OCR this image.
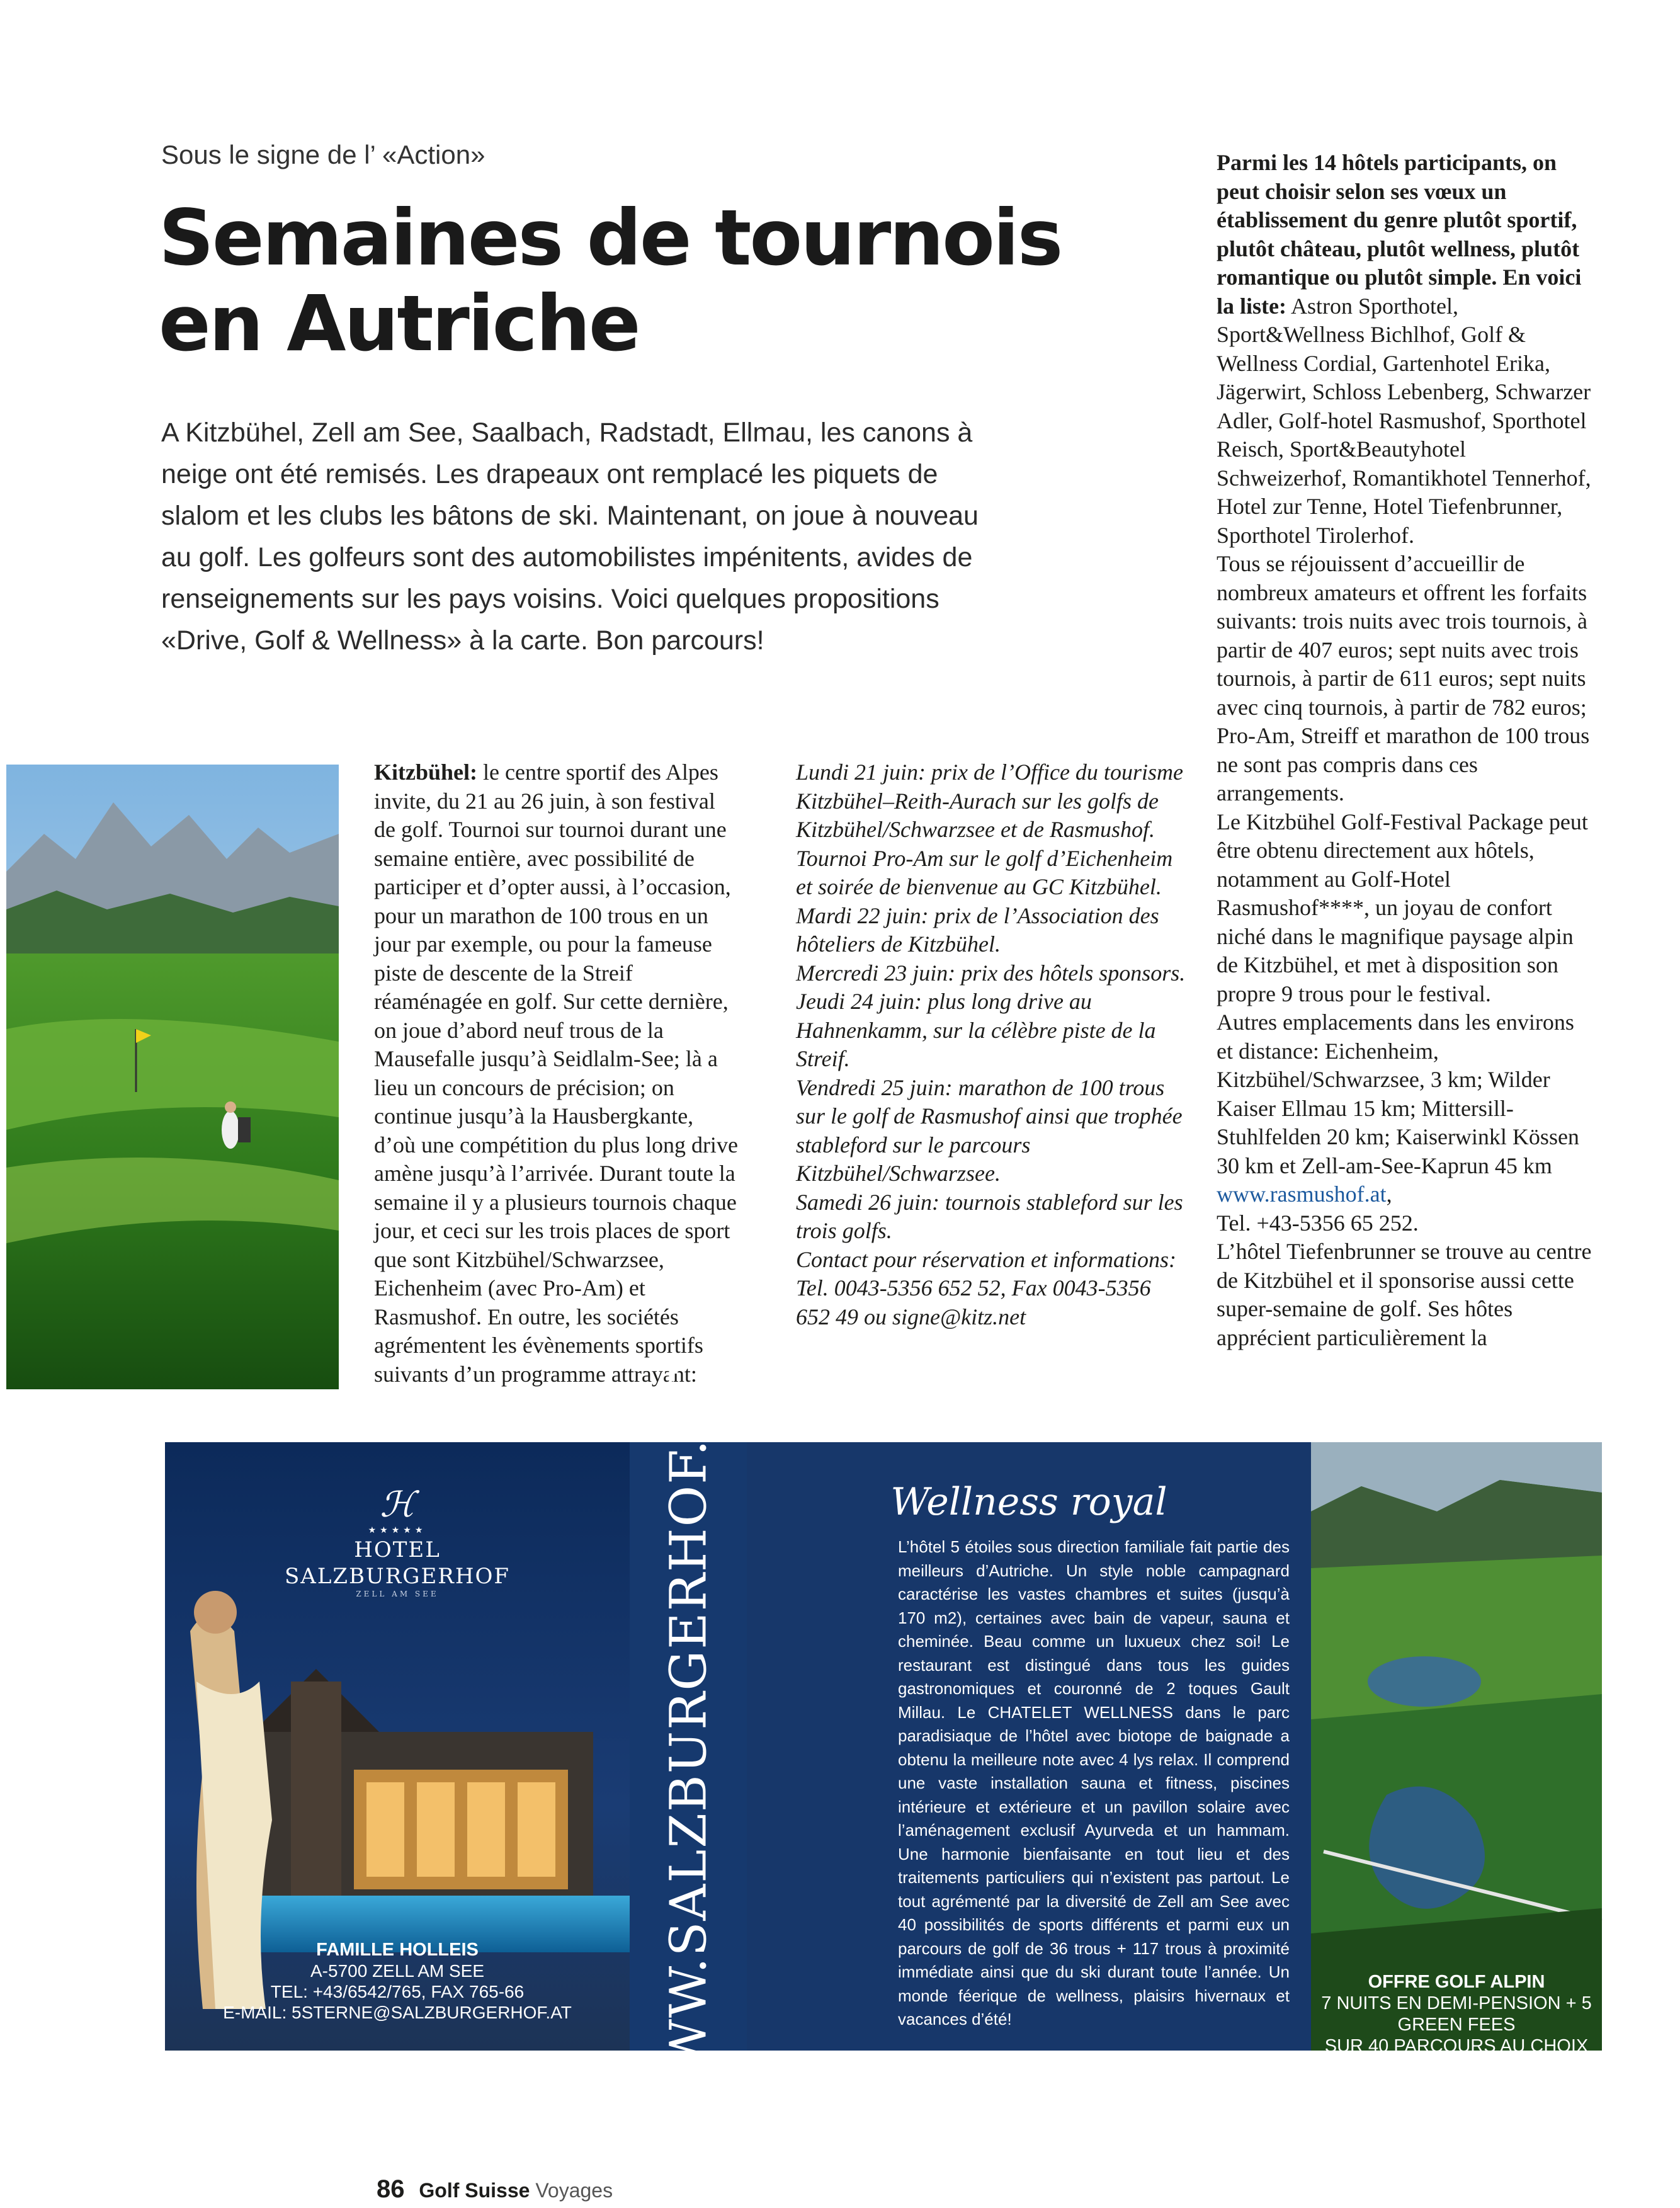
Sous le signe de l’ «Action»
Semaines de tournois
en Autriche

A Kitzbühel, Zell am See, Saalbach, Radstadt, Ellmau, les canons à neige ont été remisés. Les drapeaux ont remplacé les piquets de slalom et les clubs les bâtons de ski. Maintenant, on joue à nouveau au golf. Les golfeurs sont des automobilistes impénitents, avides de renseignements sur les pays voisins. Voici quelques propositions «Drive, Golf & Wellness» à la carte. Bon parcours!

Kitzbühel: le centre sportif des Alpes invite, du 21 au 26 juin, à son festival de golf. Tournoi sur tournoi durant une semaine entière, avec possibilité de participer et d’opter aussi, à l’occasion, pour un marathon de 100 trous en un jour par exemple, ou pour la fameuse piste de descente de la Streif réaménagée en golf. Sur cette dernière, on joue d’abord neuf trous de la Mausefalle jusqu’à Seidlalm-See; là a lieu un concours de précision; on continue jusqu’à la Hausbergkante, d’où une compétition du plus long drive amène jusqu’à l’arrivée. Durant toute la semaine il y a plusieurs tournois chaque jour, et ceci sur les trois places de sport que sont Kitzbühel/Schwarzsee, Eichenheim (avec Pro-Am) et Rasmushof. En outre, les sociétés agrémentent les évènements sportifs suivants d’un programme attrayant:

Lundi 21 juin: prix de l’Office du tourisme Kitzbühel–Reith-Aurach sur les golfs de Kitzbühel/Schwarzsee et de Rasmushof. Tournoi Pro-Am sur le golf d’Eichenheim et soirée de bienvenue au GC Kitzbühel.

Mardi 22 juin: prix de l’Association des hôteliers de Kitzbühel.

Mercredi 23 juin: prix des hôtels sponsors.

Jeudi 24 juin: plus long drive au Hahnenkamm, sur la célèbre piste de la Streif.

Vendredi 25 juin: marathon de 100 trous sur le golf de Rasmushof ainsi que trophée stableford sur le parcours Kitzbühel/Schwarzsee.

Samedi 26 juin: tournois stableford sur les trois golfs.

Contact pour réservation et informations: Tel. 0043-5356 652 52, Fax 0043-5356 652 49 ou signe@kitz.net

Parmi les 14 hôtels participants, on peut choisir selon ses vœux un établissement du genre plutôt sportif, plutôt château, plutôt wellness, plutôt romantique ou plutôt simple. En voici la liste: Astron Sporthotel, Sport&Wellness Bichlhof, Golf & Wellness Cordial, Gartenhotel Erika, Jägerwirt, Schloss Lebenberg, Schwarzer Adler, Golf-hotel Rasmushof, Sporthotel Reisch, Sport&Beautyhotel Schweizerhof, Romantikhotel Tennerhof, Hotel zur Tenne, Hotel Tiefenbrunner, Sporthotel Tirolerhof.

Tous se réjouissent d’accueillir de nombreux amateurs et offrent les forfaits suivants: trois nuits avec trois tournois, à partir de 407 euros; sept nuits avec trois tournois, à partir de 611 euros; sept nuits avec cinq tournois, à partir de 782 euros; Pro-Am, Streiff et marathon de 100 trous ne sont pas compris dans ces arrangements.

Le Kitzbühel Golf-Festival Package peut être obtenu directement aux hôtels, notamment au Golf-Hotel Rasmushof****, un joyau de confort niché dans le magnifique paysage alpin de Kitzbühel, et met à disposition son propre 9 trous pour le festival.

Autres emplacements dans les environs et distance: Eichenheim, Kitzbühel/Schwarzsee, 3 km; Wilder Kaiser Ellmau 15 km; Mittersill-Stuhlfelden 20 km; Kaiserwinkl Kössen 30 km et Zell-am-See-Kaprun 45 km www.rasmushof.at,
Tel. +43-5356 65 252.

L’hôtel Tiefenbrunner se trouve au centre de Kitzbühel et il sponsorise aussi cette super-semaine de golf. Ses hôtes apprécient particulièrement la

ℋ
★★★★★
HOTEL
SALZBURGERHOF
ZELL AM SEE
FAMILLE HOLLEIS
A-5700 ZELL AM SEE
TEL: +43/6542/765, FAX 765-66
E-MAIL: 5STERNE@SALZBURGERHOF.AT	WWW.SALZBURGERHOF.AT	Wellness royal

L’hôtel 5 étoiles sous direction familiale fait partie des meilleurs d’Autriche. Un style noble campagnard caractérise les vastes chambres et suites (jusqu’à 170 m2), certaines avec bain de vapeur, sauna et cheminée. Beau comme un luxueux chez soi! Le restaurant est distingué dans tous les guides gastronomiques et couronné de 2 toques Gault Millau. Le CHATELET WELLNESS dans le parc paradisiaque de l’hôtel avec biotope de baignade a obtenu la meilleure note avec 4 lys relax. Il comprend une vaste installation sauna et fitness, piscines intérieure et extérieure et un pavillon solaire avec l’aménagement exclusif Ayurveda et un hammam. Une harmonie bienfaisante en tout lieu et des traitements particuliers qui n’existent pas partout. Le tout agrémenté par la diversité de Zell am See avec 40 possibilités de sports différents et parmi eux un parcours de golf de 36 trous + 117 trous à proximité immédiate ainsi que du ski durant toute l’année. Un monde féerique de wellness, plaisirs hivernaux et vacances d’été!

OFFRE GOLF ALPIN
7 NUITS EN DEMI-PENSION + 5 GREEN FEES
SUR 40 PARCOURS AU CHOIX
À PARTIR DE EUROS 900.- PAR PERSONNE
86 Golf Suisse Voyages
